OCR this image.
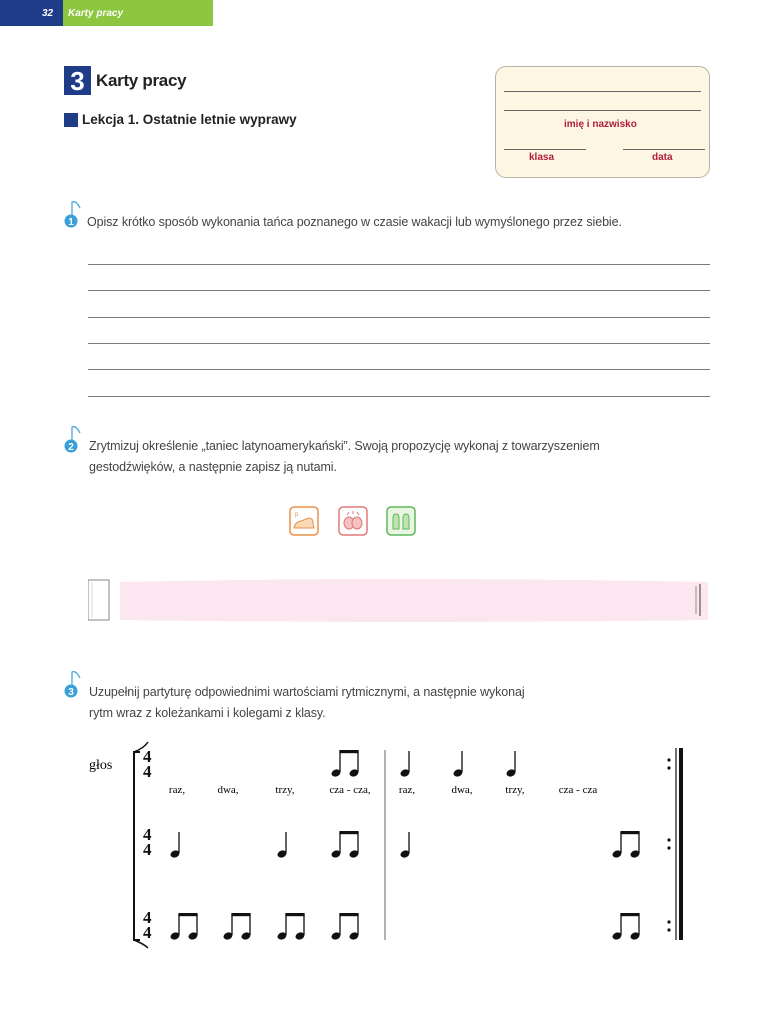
32	Karty pracy
3 Karty pracy
Lekcja 1. Ostatnie letnie wyprawy	imię i nazwisko
klasa	data
1 Opisz krótko sposób wykonania tańca poznanego w czasie wakacji lub wymyślonego przez siebie.
2 Zrytmizuj określenie „taniec latynoamerykański”. Swoją propozycję wykonaj z towarzyszeniem
gestodźwięków, a następnie zapisz ją nutami.
p
3 Uzupełnij partyturę odpowiednimi wartościami rytmicznymi, a następnie wykonaj
rytm wraz z koleżankami i kolegami z klasy.
głos 4
4
4
4
4
4
raz,	dwa,	trzy,	cza - cza,	raz,	dwa,	trzy,	cza - cza
